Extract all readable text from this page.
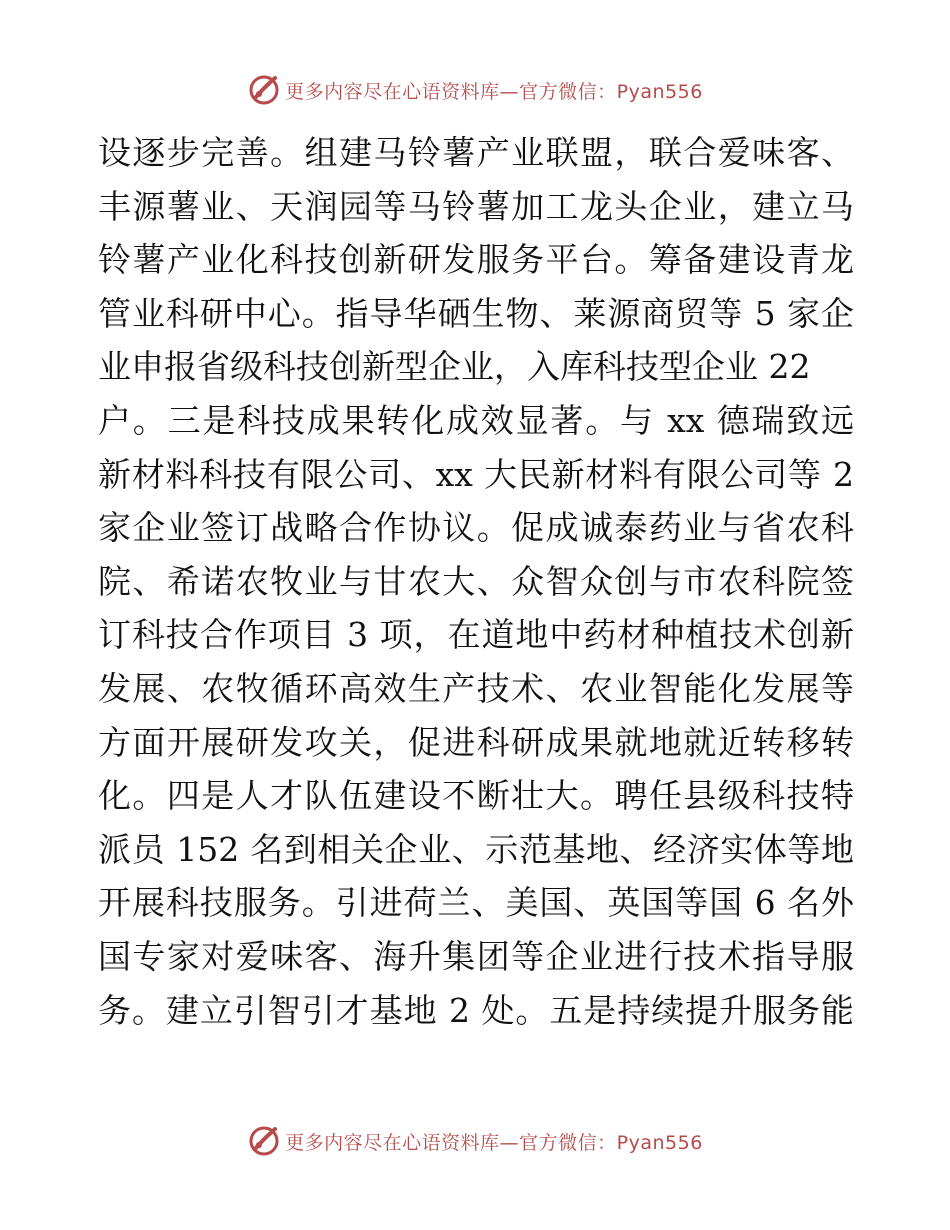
更多内容尽在心语资料库—官方微信：Pyan556
设逐步完善。组建马铃薯产业联盟，联合爱味客、
丰源薯业、天润园等马铃薯加工龙头企业，建立马
铃薯产业化科技创新研发服务平台。筹备建设青龙
管业科研中心。指导华硒生物、莱源商贸等 5 家企
业申报省级科技创新型企业，入库科技型企业 22
户。三是科技成果转化成效显著。与 xx 德瑞致远
新材料科技有限公司、xx 大民新材料有限公司等 2
家企业签订战略合作协议。促成诚泰药业与省农科
院、希诺农牧业与甘农大、众智众创与市农科院签
订科技合作项目 3 项，在道地中药材种植技术创新
发展、农牧循环高效生产技术、农业智能化发展等
方面开展研发攻关，促进科研成果就地就近转移转
化。四是人才队伍建设不断壮大。聘任县级科技特
派员 152 名到相关企业、示范基地、经济实体等地
开展科技服务。引进荷兰、美国、英国等国 6 名外
国专家对爱味客、海升集团等企业进行技术指导服
务。建立引智引才基地 2 处。五是持续提升服务能
更多内容尽在心语资料库—官方微信：Pyan556
